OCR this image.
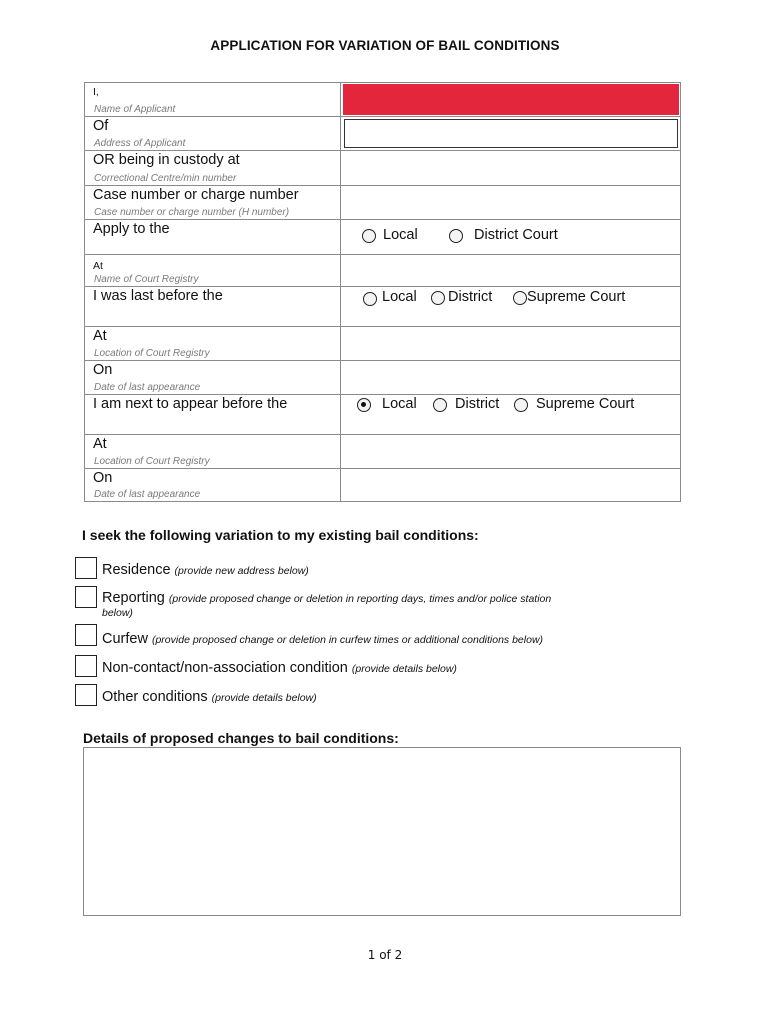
APPLICATION FOR VARIATION OF BAIL CONDITIONS
I,
Name of Applicant
Of
Address of Applicant
OR being in custody at
Correctional Centre/min number
Case number or charge number
Case number or charge number (H number)
Apply to the	Local	District Court
At
Name of Court Registry
I was last before the	Local District Supreme Court
At
Location of Court Registry
On
Date of last appearance
I am next to appear before the	Local	District	Supreme Court
At
Location of Court Registry
On
Date of last appearance
I seek the following variation to my existing bail conditions:
Residence (provide new address below)
Reporting (provide proposed change or deletion in reporting days, times and/or police station
below)
Curfew (provide proposed change or deletion in curfew times or additional conditions below)
Non-contact/non-association condition (provide details below)
Other conditions (provide details below)
Details of proposed changes to bail conditions:
1 of 2
